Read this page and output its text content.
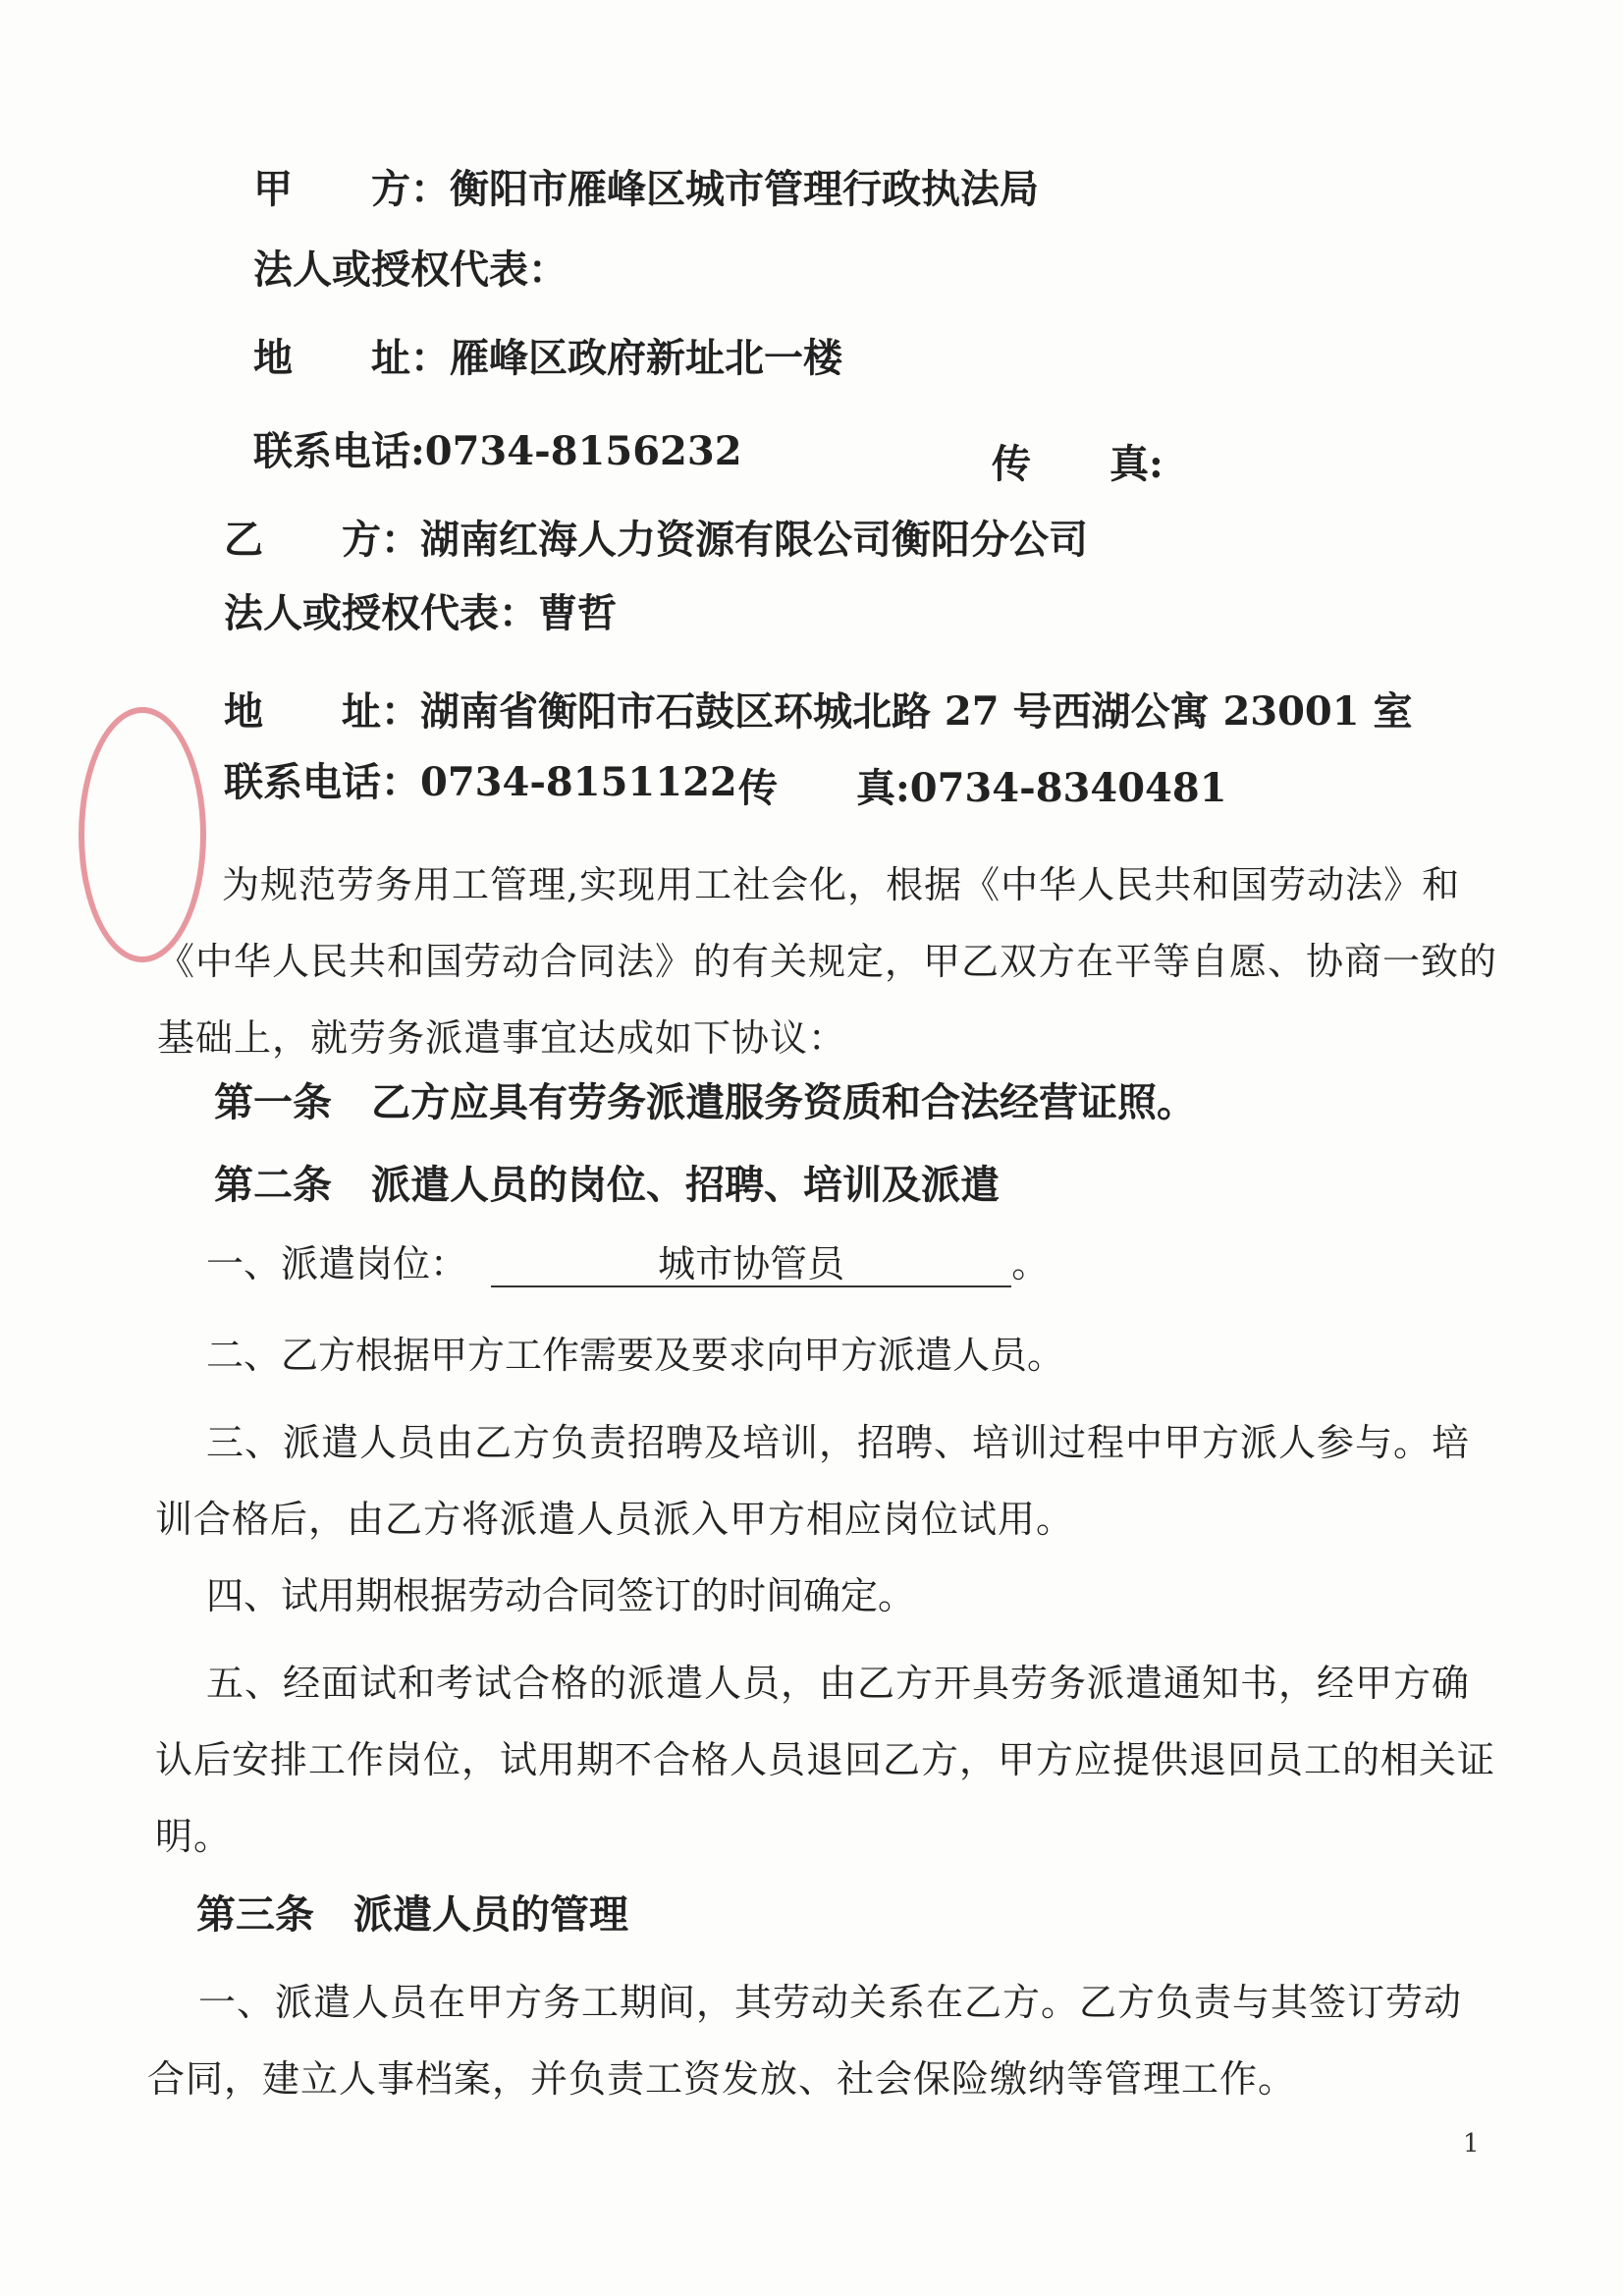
甲　　方：衡阳市雁峰区城市管理行政执法局
法人或授权代表：
地　　址：雁峰区政府新址北一楼
联系电话:0734-8156232	传　　真:
乙　　方：湖南红海人力资源有限公司衡阳分公司
法人或授权代表：曹哲
地　　址：湖南省衡阳市石鼓区环城北路 27 号西湖公寓 23001 室
联系电话：0734-8151122 传　　真:0734-8340481
为规范劳务用工管理,实现用工社会化，根据《中华人民共和国劳动法》和《中华人民共和国劳动合同法》的有关规定，甲乙双方在平等自愿、协商一致的基础上，就劳务派遣事宜达成如下协议：
第一条　 乙方应具有劳务派遣服务资质和合法经营证照。
第二条　 派遣人员的岗位、招聘、培训及派遣
一、派遣岗位：	城市协管员	。
二、乙方根据甲方工作需要及要求向甲方派遣人员。
三、派遣人员由乙方负责招聘及培训，招聘、培训过程中甲方派人参与。培训合格后，由乙方将派遣人员派入甲方相应岗位试用。
四、试用期根据劳动合同签订的时间确定。
五、经面试和考试合格的派遣人员，由乙方开具劳务派遣通知书，经甲方确认后安排工作岗位，试用期不合格人员退回乙方，甲方应提供退回员工的相关证明。
第三条　 派遣人员的管理
一、派遣人员在甲方务工期间，其劳动关系在乙方。乙方负责与其签订劳动合同，建立人事档案，并负责工资发放、社会保险缴纳等管理工作。
1
